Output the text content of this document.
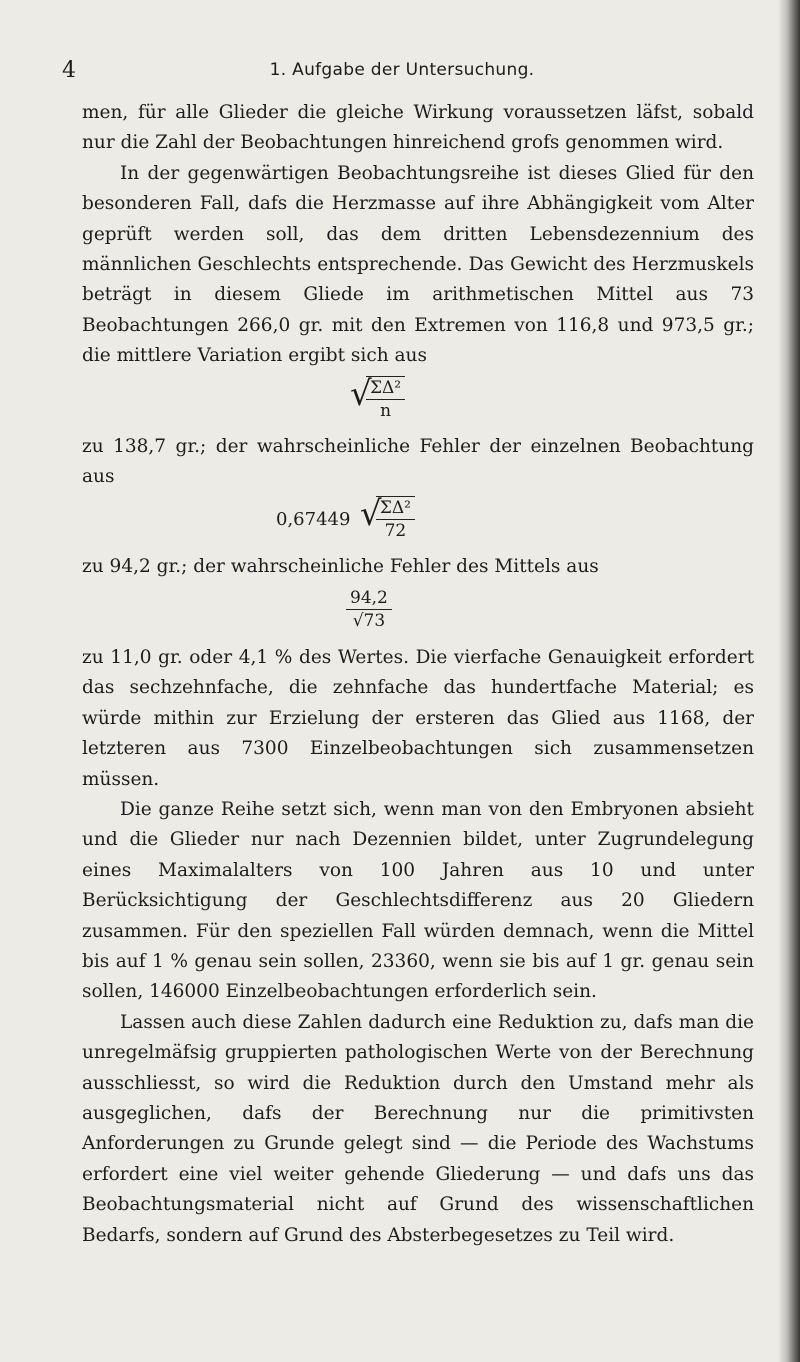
4	1. Aufgabe der Untersuchung.

men, für alle Glieder die gleiche Wirkung voraussetzen läfst, sobald nur die Zahl der Beobachtungen hinreichend grofs genommen wird.

In der gegenwärtigen Beobachtungsreihe ist dieses Glied für den besonderen Fall, dafs die Herzmasse auf ihre Abhängigkeit vom Alter geprüft werden soll, das dem dritten Lebensdezennium des männlichen Geschlechts entsprechende. Das Gewicht des Herzmuskels beträgt in diesem Gliede im arithmetischen Mittel aus 73 Beobachtungen 266,0 gr. mit den Extremen von 116,8 und 973,5 gr.; die mittlere Variation ergibt sich aus

√
$\frac{\text{ΣΔ²}}{n}$

zu 138,7 gr.; der wahrscheinliche Fehler der einzelnen Beobachtung aus

0,67449 √
$\frac{\text{ΣΔ²}}{72}$

zu 94,2 gr.; der wahrscheinliche Fehler des Mittels aus

$\frac{94,2}{√73}$

zu 11,0 gr. oder 4,1 % des Wertes. Die vierfache Genauigkeit erfordert das sechzehnfache, die zehnfache das hundertfache Material; es würde mithin zur Erzielung der ersteren das Glied aus 1168, der letzteren aus 7300 Einzelbeobachtungen sich zusammensetzen müssen.

Die ganze Reihe setzt sich, wenn man von den Embryonen absieht und die Glieder nur nach Dezennien bildet, unter Zugrundelegung eines Maximalalters von 100 Jahren aus 10 und unter Berücksichtigung der Geschlechtsdifferenz aus 20 Gliedern zusammen. Für den speziellen Fall würden demnach, wenn die Mittel bis auf 1 % genau sein sollen, 23360, wenn sie bis auf 1 gr. genau sein sollen, 146000 Einzelbeobachtungen erforderlich sein.

Lassen auch diese Zahlen dadurch eine Reduktion zu, dafs man die unregelmäfsig gruppierten pathologischen Werte von der Berechnung ausschliesst, so wird die Reduktion durch den Umstand mehr als ausgeglichen, dafs der Berechnung nur die primitivsten Anforderungen zu Grunde gelegt sind — die Periode des Wachstums erfordert eine viel weiter gehende Gliederung — und dafs uns das Beobachtungsmaterial nicht auf Grund des wissenschaftlichen Bedarfs, sondern auf Grund des Absterbegesetzes zu Teil wird.
